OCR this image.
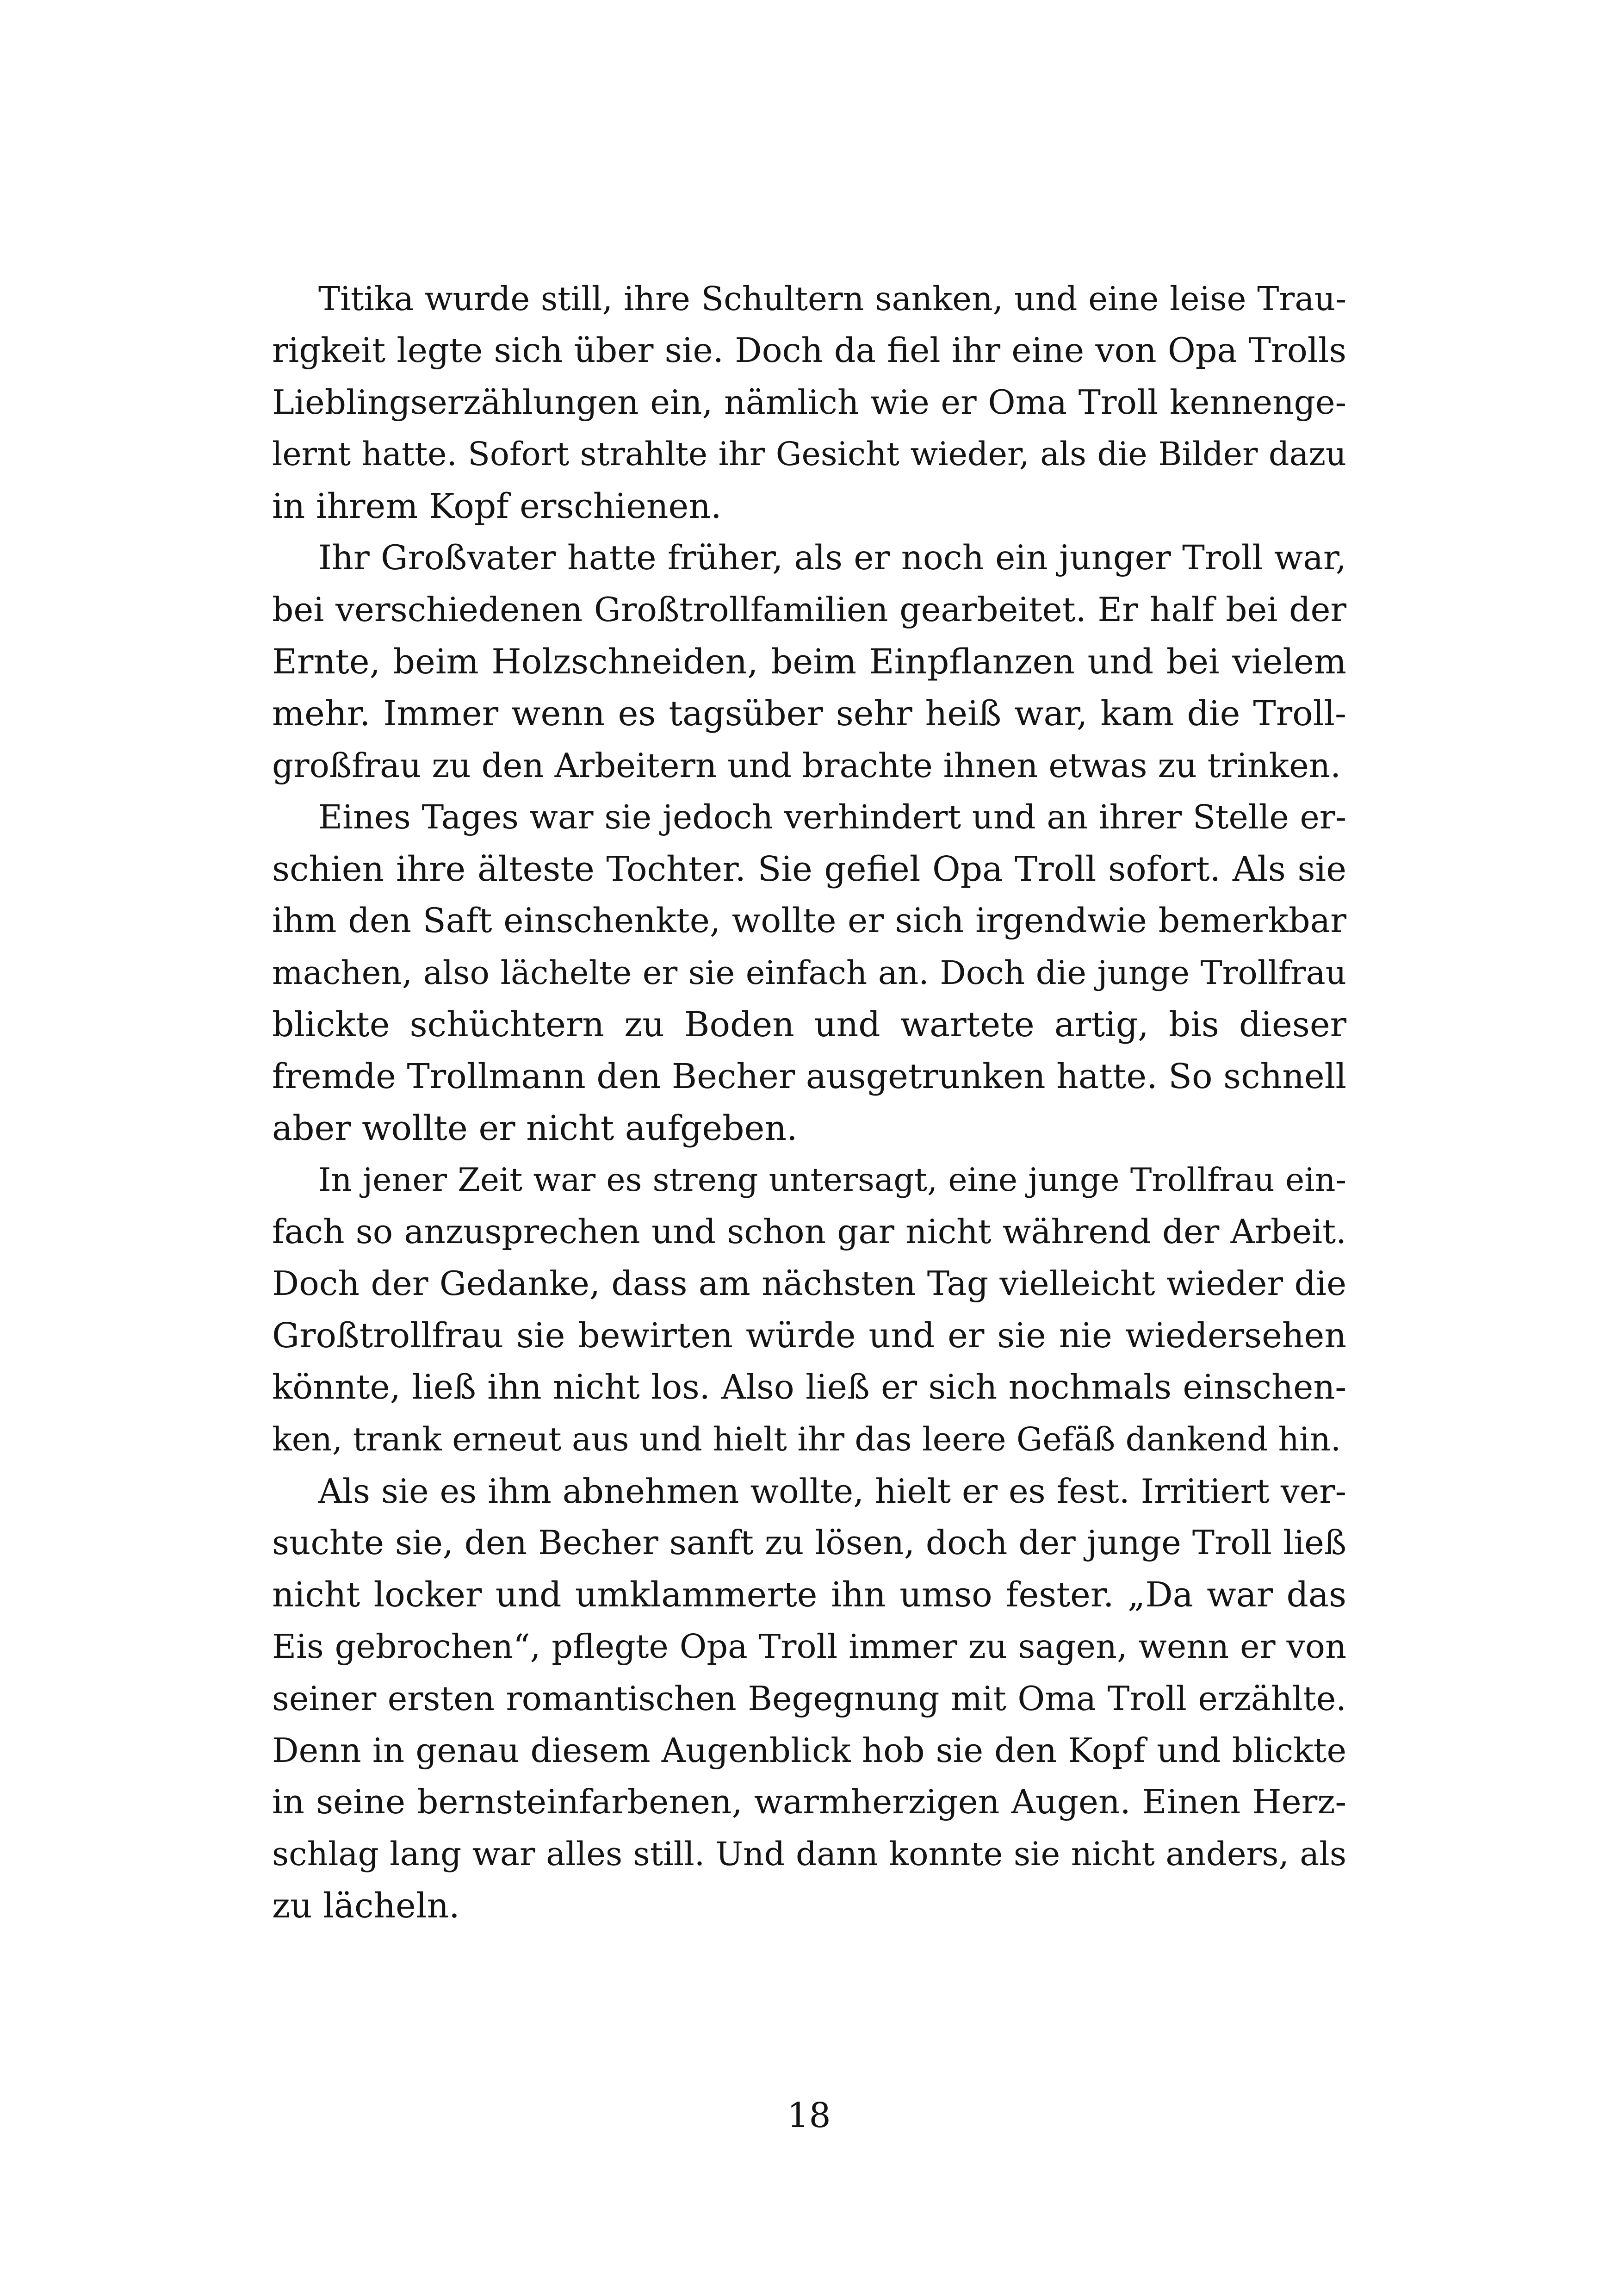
Titika wurde still, ihre Schultern sanken, und eine leise Trau-
rigkeit legte sich über sie. Doch da fiel ihr eine von Opa Trolls
Lieblingserzählungen ein, nämlich wie er Oma Troll kennenge-
lernt hatte. Sofort strahlte ihr Gesicht wieder, als die Bilder dazu
in ihrem Kopf erschienen.
Ihr Großvater hatte früher, als er noch ein junger Troll war,
bei verschiedenen Großtrollfamilien gearbeitet. Er half bei der
Ernte, beim Holzschneiden, beim Einpflanzen und bei vielem
mehr. Immer wenn es tagsüber sehr heiß war, kam die Troll-
großfrau zu den Arbeitern und brachte ihnen etwas zu trinken.
Eines Tages war sie jedoch verhindert und an ihrer Stelle er-
schien ihre älteste Tochter. Sie gefiel Opa Troll sofort. Als sie
ihm den Saft einschenkte, wollte er sich irgendwie bemerkbar
machen, also lächelte er sie einfach an. Doch die junge Trollfrau
blickte schüchtern zu Boden und wartete artig, bis dieser
fremde Trollmann den Becher ausgetrunken hatte. So schnell
aber wollte er nicht aufgeben.
In jener Zeit war es streng untersagt, eine junge Trollfrau ein-
fach so anzusprechen und schon gar nicht während der Arbeit.
Doch der Gedanke, dass am nächsten Tag vielleicht wieder die
Großtrollfrau sie bewirten würde und er sie nie wiedersehen
könnte, ließ ihn nicht los. Also ließ er sich nochmals einschen-
ken, trank erneut aus und hielt ihr das leere Gefäß dankend hin.
Als sie es ihm abnehmen wollte, hielt er es fest. Irritiert ver-
suchte sie, den Becher sanft zu lösen, doch der junge Troll ließ
nicht locker und umklammerte ihn umso fester. „Da war das
Eis gebrochen“, pflegte Opa Troll immer zu sagen, wenn er von
seiner ersten romantischen Begegnung mit Oma Troll erzählte.
Denn in genau diesem Augenblick hob sie den Kopf und blickte
in seine bernsteinfarbenen, warmherzigen Augen. Einen Herz-
schlag lang war alles still. Und dann konnte sie nicht anders, als
zu lächeln.
18
